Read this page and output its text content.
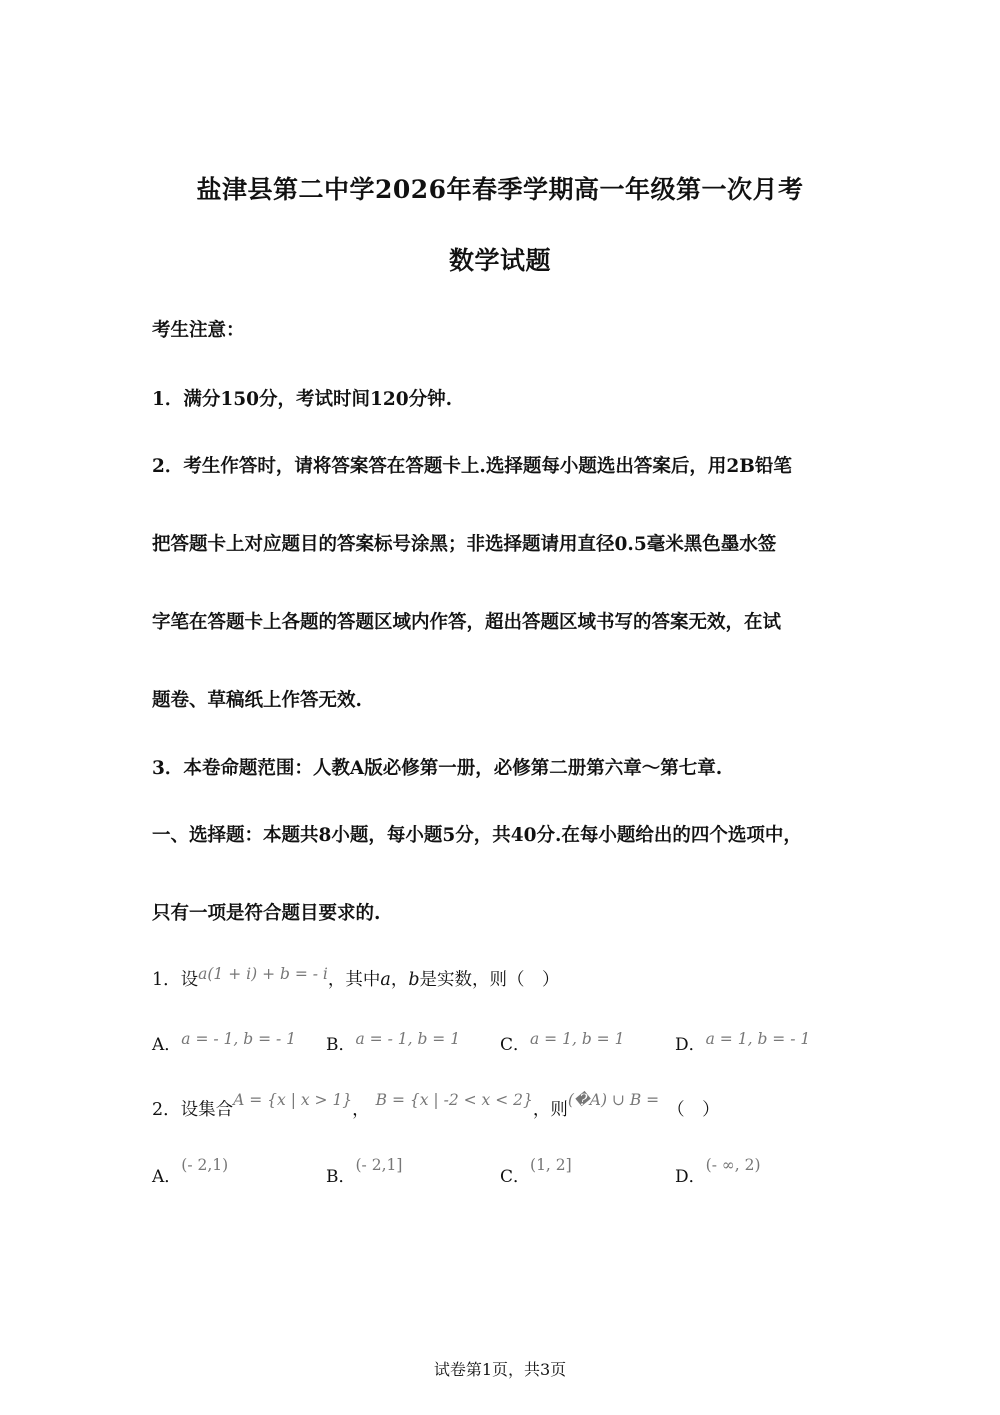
盐津县第二中学2026年春季学期高一年级第一次月考
数学试题
考生注意：
1．满分150分，考试时间120分钟.
2．考生作答时，请将答案答在答题卡上.选择题每小题选出答案后，用2B铅笔
把答题卡上对应题目的答案标号涂黑；非选择题请用直径0.5毫米黑色墨水签
字笔在答题卡上各题的答题区域内作答，超出答题区域书写的答案无效，在试
题卷、草稿纸上作答无效.
3．本卷命题范围：人教A版必修第一册，必修第二册第六章～第七章.
一、选择题：本题共8小题，每小题5分，共40分.在每小题给出的四个选项中，
只有一项是符合题目要求的.
1．设a(1 + i) + b = - i，其中a，b是实数，则（　）
A．a = - 1, b = - 1 B．a = - 1, b = 1 C．a = 1, b = 1	D．a = 1, b = - 1
2．设集合A = {x | x > 1}， B = {x | -2 < x < 2}，则(�A) ∪ B = （　）
A．(- 2,1)
B．(- 2,1]
C．(1, 2]
D．(- ∞, 2)
试卷第1页，共3页
